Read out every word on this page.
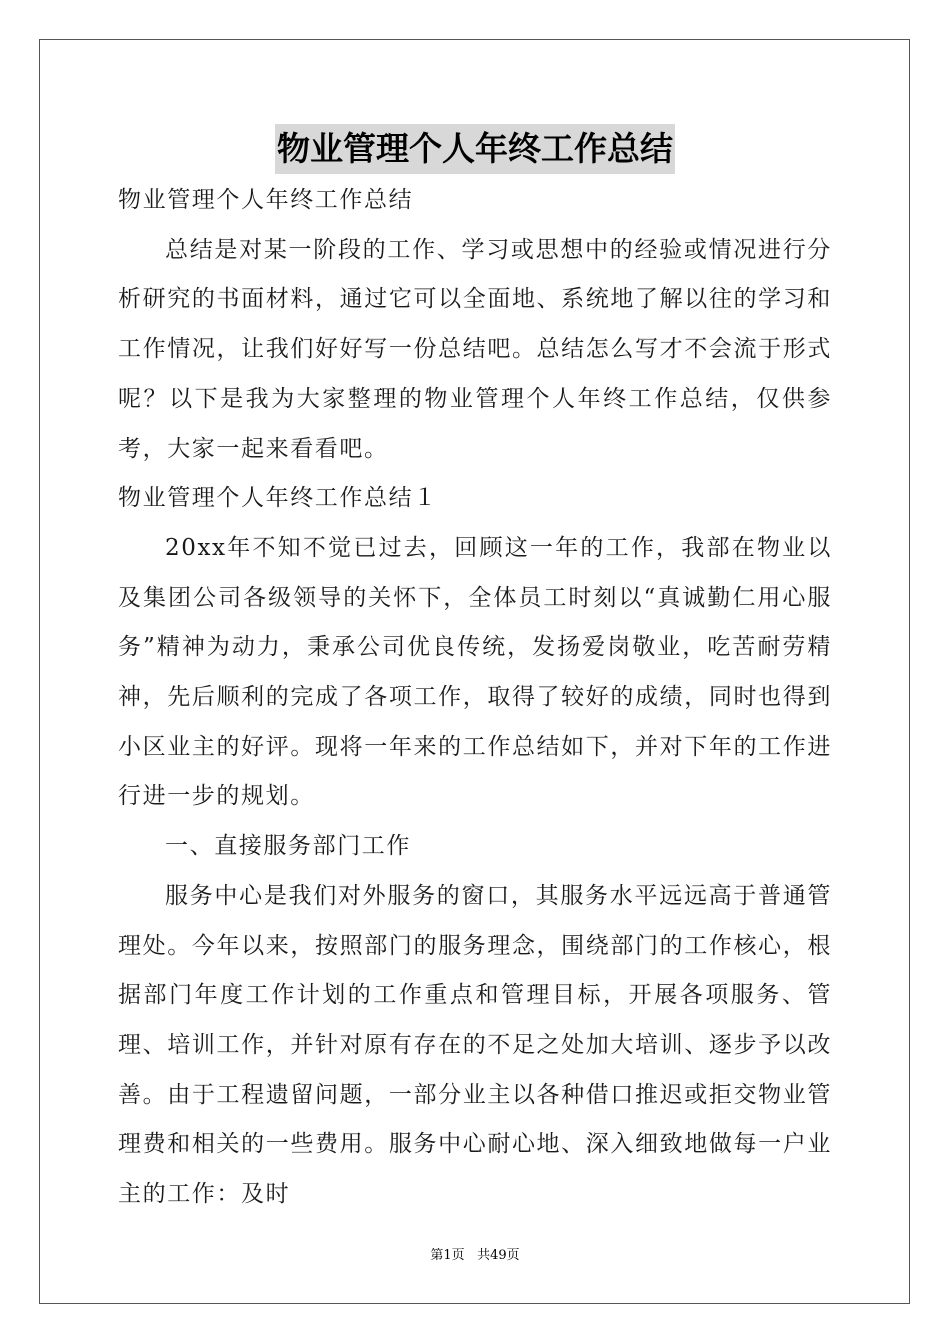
物业管理个人年终工作总结

物业管理个人年终工作总结

总结是对某一阶段的工作、学习或思想中的经验或情况进行分析研究的书面材料，通过它可以全面地、系统地了解以往的学习和工作情况，让我们好好写一份总结吧。总结怎么写才不会流于形式呢？以下是我为大家整理的物业管理个人年终工作总结，仅供参考，大家一起来看看吧。

物业管理个人年终工作总结１

20xx年不知不觉已过去，回顾这一年的工作，我部在物业以及集团公司各级领导的关怀下，全体员工时刻以“真诚勤仁用心服务”精神为动力，秉承公司优良传统，发扬爱岗敬业，吃苦耐劳精神，先后顺利的完成了各项工作，取得了较好的成绩，同时也得到小区业主的好评。现将一年来的工作总结如下，并对下年的工作进行进一步的规划。

一、直接服务部门工作

服务中心是我们对外服务的窗口，其服务水平远远高于普通管理处。今年以来，按照部门的服务理念，围绕部门的工作核心，根据部门年度工作计划的工作重点和管理目标，开展各项服务、管理、培训工作，并针对原有存在的不足之处加大培训、逐步予以改善。由于工程遗留问题，一部分业主以各种借口推迟或拒交物业管理费和相关的一些费用。服务中心耐心地、深入细致地做每一户业主的工作：及时

第1页 共49页
